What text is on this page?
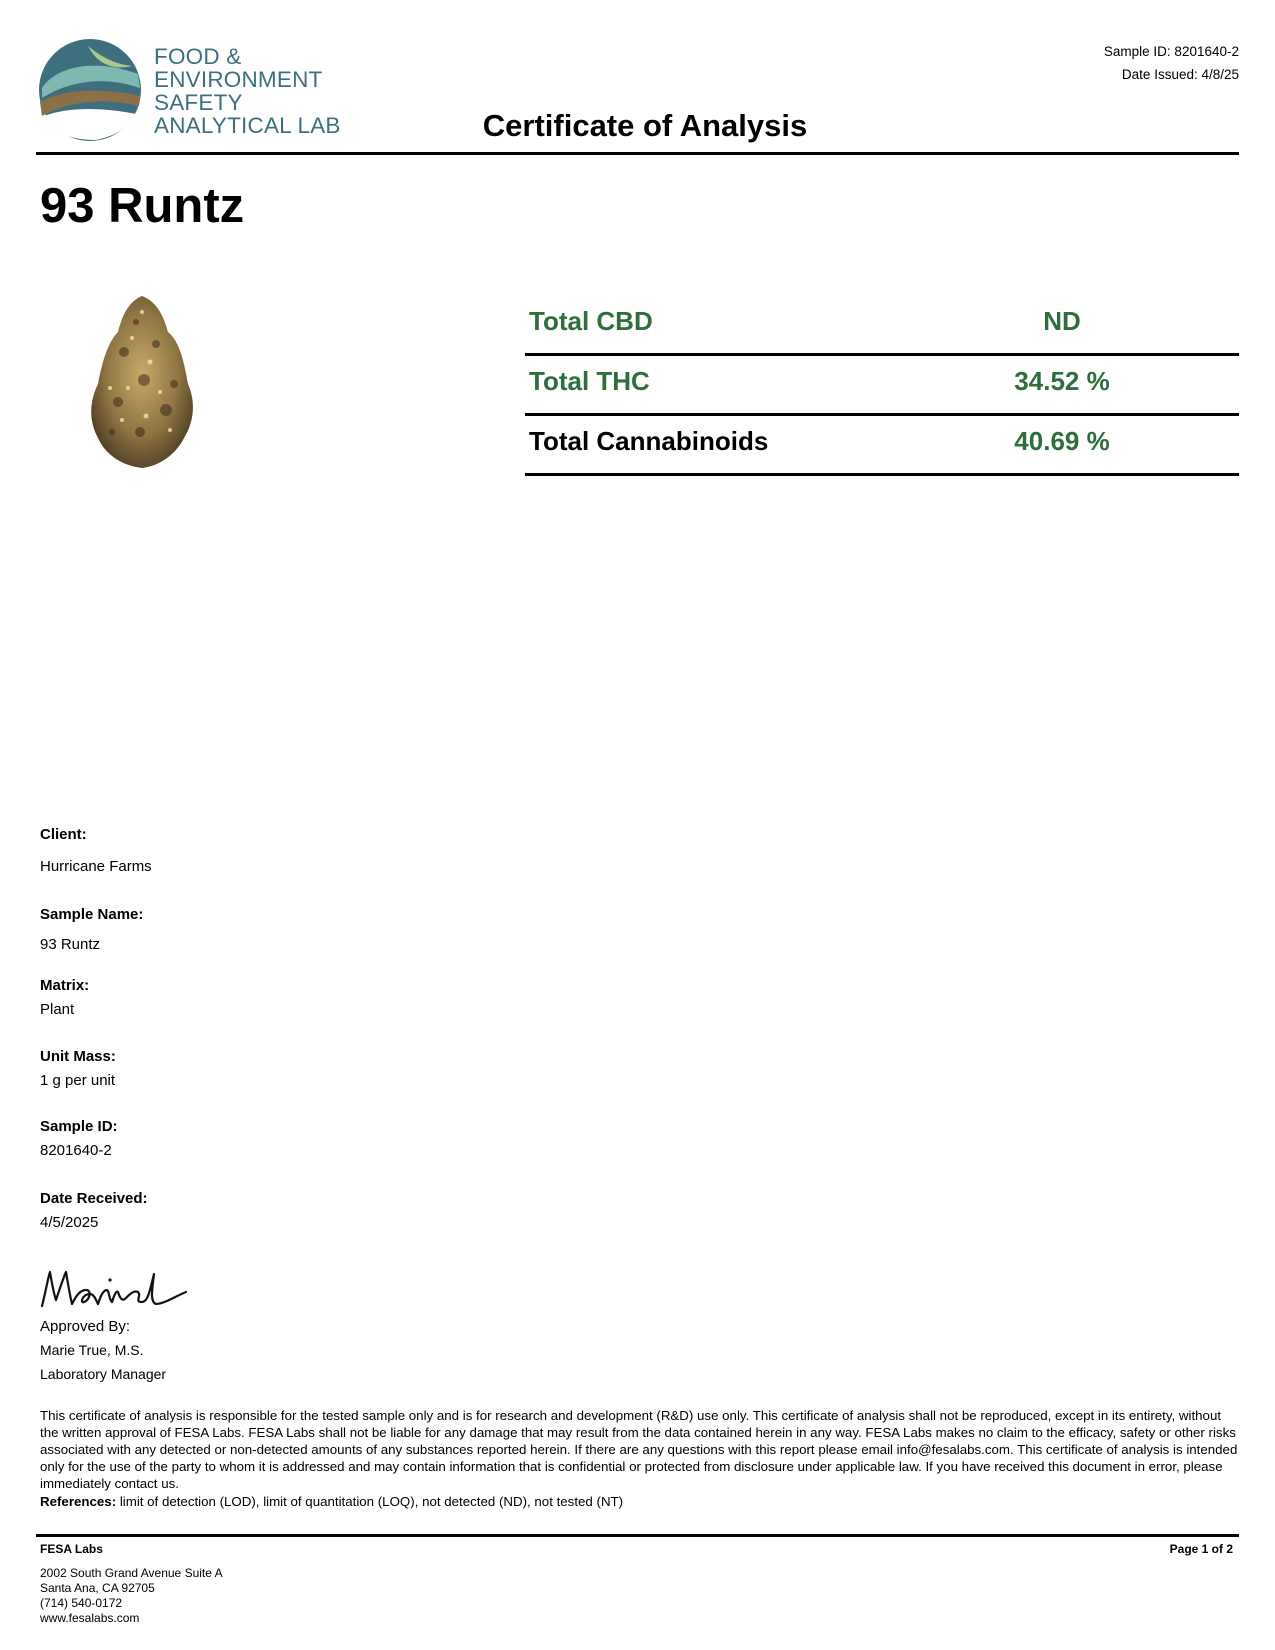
FOOD &
ENVIRONMENT
SAFETY
ANALYTICAL LAB
Sample ID: 8201640-2
Date Issued: 4/8/25
Certificate of Analysis
93 Runtz
Total CBD	ND
Total THC	34.52 %
Total Cannabinoids	40.69 %
Client:
Hurricane Farms
Sample Name:
93 Runtz
Matrix:
Plant
Unit Mass:
1 g per unit
Sample ID:
8201640-2
Date Received:
4/5/2025
Approved By:
Marie True, M.S.
Laboratory Manager
This certificate of analysis is responsible for the tested sample only and is for research and development (R&D) use only. This certificate of analysis shall not be reproduced, except in its entirety, without the written approval of FESA Labs. FESA Labs shall not be liable for any damage that may result from the data contained herein in any way. FESA Labs makes no claim to the efficacy, safety or other risks associated with any detected or non-detected amounts of any substances reported herein. If there are any questions with this report please email info@fesalabs.com. This certificate of analysis is intended only for the use of the party to whom it is addressed and may contain information that is confidential or protected from disclosure under applicable law. If you have received this document in error, please immediately contact us.
References: limit of detection (LOD), limit of quantitation (LOQ), not detected (ND), not tested (NT)
FESA Labs	Page 1 of 2
2002 South Grand Avenue Suite A
Santa Ana, CA 92705
(714) 540-0172
www.fesalabs.com
